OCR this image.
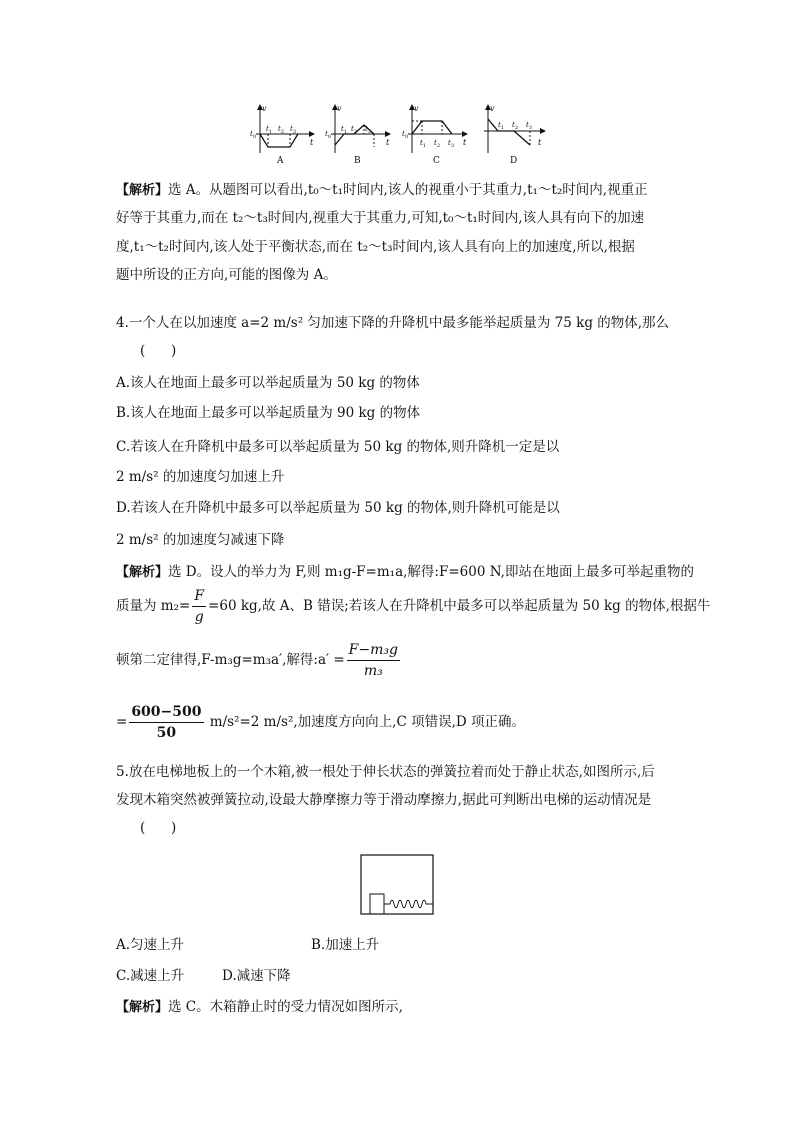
v
t
$t_0$
$t_1$ $t_2$ $t_3$
v
t
$t_0$
$t_1$ $t_2$ $t_3$
v
t
$t_0$
$t_1$ $t_2$ $t_3$
v
t
$t_1$ $t_2$ $t_3$
A	B	C	D
【解析】选 A。从题图可以看出,t₀～t₁时间内,该人的视重小于其重力,t₁～t₂时间内,视重正
好等于其重力,而在 t₂～t₃时间内,视重大于其重力,可知,t₀～t₁时间内,该人具有向下的加速
度,t₁～t₂时间内,该人处于平衡状态,而在 t₂～t₃时间内,该人具有向上的加速度,所以,根据
题中所设的正方向,可能的图像为 A。
4.一个人在以加速度 a=2 m/s² 匀加速下降的升降机中最多能举起质量为 75 kg 的物体,那么
(      )
A.该人在地面上最多可以举起质量为 50 kg 的物体
B.该人在地面上最多可以举起质量为 90 kg 的物体
C.若该人在升降机中最多可以举起质量为 50 kg 的物体,则升降机一定是以
2 m/s² 的加速度匀加速上升
D.若该人在升降机中最多可以举起质量为 50 kg 的物体,则升降机可能是以
2 m/s² 的加速度匀减速下降
【解析】选 D。设人的举力为 F,则 m₁g-F=m₁a,解得:F=600 N,即站在地面上最多可举起重物的
质量为 $m_2= \frac{F}{g} =60$ kg,故 A、B 错误;若该人在升降机中最多可以举起质量为 50 kg 的物体,根据牛
顿第二定律得,F-m₃g=m₃a′,解得:a′ = $\frac{\text{F−m₃g}}{\text{m₃}}$
= $\frac{600-500}{50} m/s^2=2$ m/s²,加速度方向向上,C 项错误,D 项正确。
5.放在电梯地板上的一个木箱,被一根处于伸长状态的弹簧拉着而处于静止状态,如图所示,后
发现木箱突然被弹簧拉动,设最大静摩擦力等于滑动摩擦力,据此可判断出电梯的运动情况是
(      )
A.匀速上升	B.加速上升
C.减速上升	D.减速下降
【解析】选 C。木箱静止时的受力情况如图所示,
